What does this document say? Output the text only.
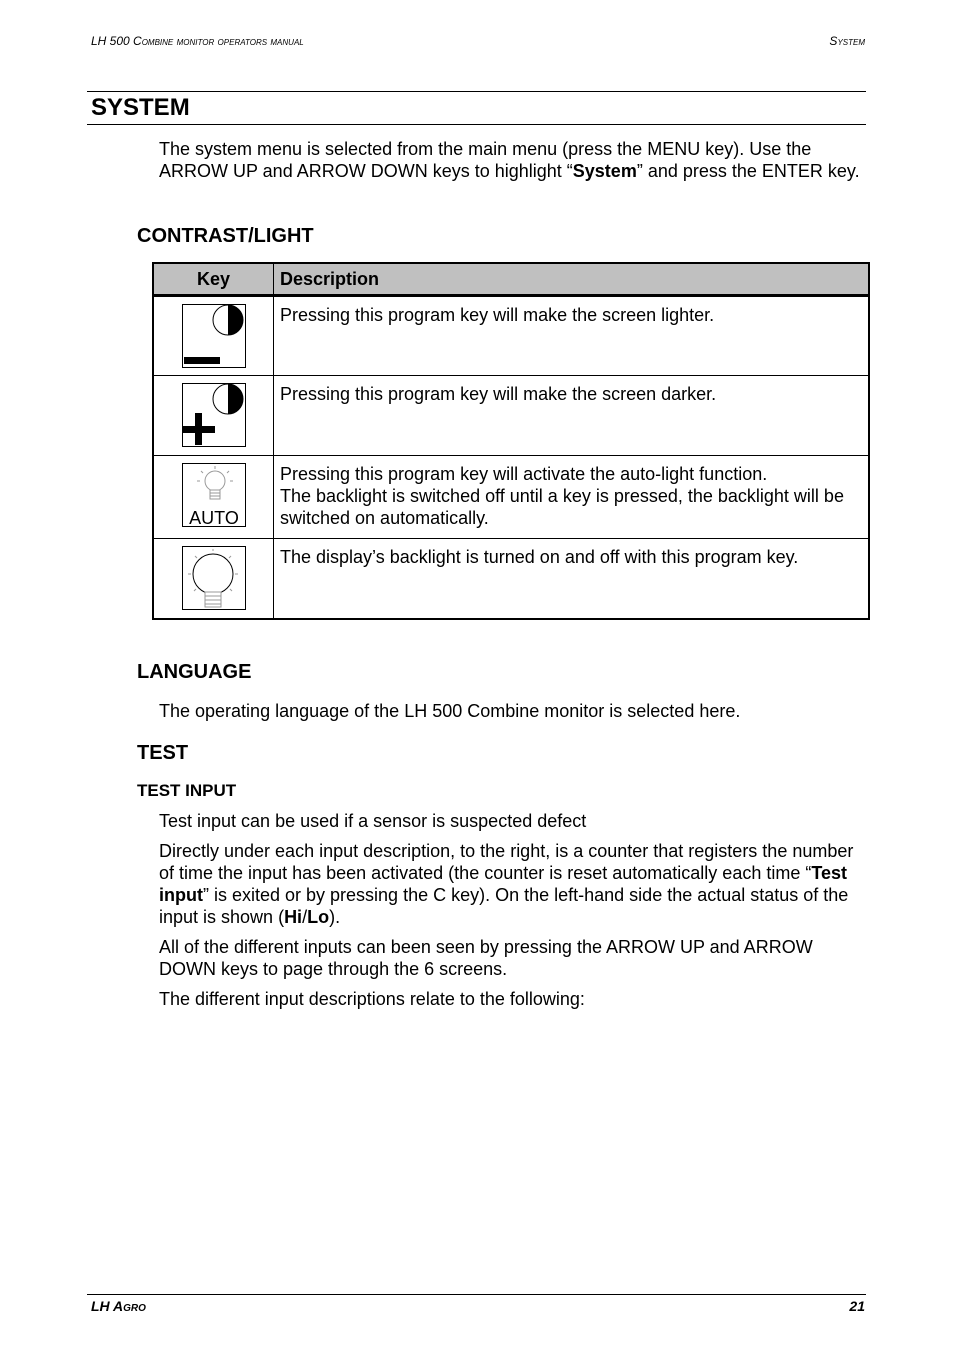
LH 500 Combine monitor operators manual	System
SYSTEM

The system menu is selected from the main menu (press the MENU key). Use the ARROW UP and ARROW DOWN keys to highlight “System” and press the ENTER key.

CONTRAST/LIGHT
Key	Description
	Pressing this program key will make the screen lighter.
	Pressing this program key will make the screen darker.

AUTO	Pressing this program key will activate the auto-light function.
The backlight is switched off until a key is pressed, the backlight will be switched on automatically.

	The display’s backlight is turned on and off with this program key.
LANGUAGE

The operating language of the LH 500 Combine monitor is selected here.

TEST
TEST INPUT

Test input can be used if a sensor is suspected defect

Directly under each input description, to the right, is a counter that registers the number of time the input has been activated (the counter is reset automatically each time “Test input” is exited or by pressing the C key). On the left-hand side the actual status of the input is shown (Hi/Lo).

All of the different inputs can been seen by pressing the ARROW UP and ARROW DOWN keys to page through the 6 screens.

The different input descriptions relate to the following:

LH Agro	21
